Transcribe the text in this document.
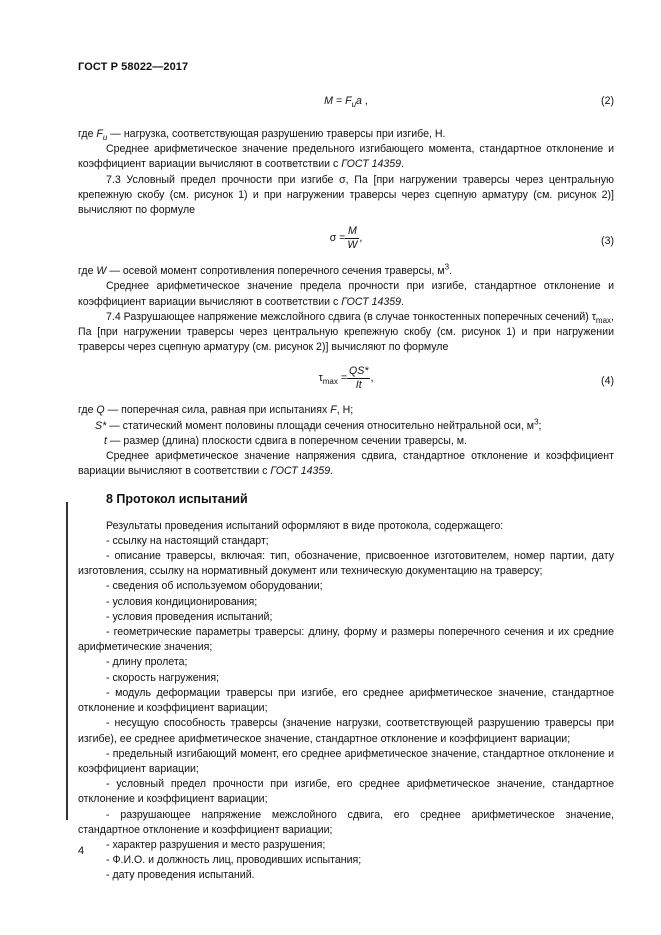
ГОСТ Р 58022—2017
$M = F_ua$ ,	(2)

где $F_u$ — нагрузка, соответствующая разрушению траверсы при изгибе, Н.

Среднее арифметическое значение предельного изгибающего момента, стандартное отклонение и коэффициент вариации вычисляют в соответствии с ГОСТ 14359.

7.3 Условный предел прочности при изгибе σ, Па [при нагружении траверсы через центральную крепежную скобу (см. рисунок 1) и при нагружении траверсы через сцепную арматуру (см. рисунок 2)] вычисляют по формуле

$\sigma = \frac{M}{W}$ ,	(3)

где W — осевой момент сопротивления поперечного сечения траверсы, $м^3$.

Среднее арифметическое значение предела прочности при изгибе, стандартное отклонение и коэффициент вариации вычисляют в соответствии с ГОСТ 14359.

7.4 Разрушающее напряжение межслойного сдвига (в случае тонкостенных поперечных сечений) $\tau_{max}$, Па [при нагружении траверсы через центральную крепежную скобу (см. рисунок 1) и при нагружении траверсы через сцепную арматуру (см. рисунок 2)] вычисляют по формуле

$\tau_{max} = \frac{QS*}{It}$ ,	(4)

где Q — поперечная сила, равная при испытаниях F, Н;

S* — статический момент половины площади сечения относительно нейтральной оси, $м^3$;

t — размер (длина) плоскости сдвига в поперечном сечении траверсы, м.

Среднее арифметическое значение напряжения сдвига, стандартное отклонение и коэффициент вариации вычисляют в соответствии с ГОСТ 14359.

8 Протокол испытаний

Результаты проведения испытаний оформляют в виде протокола, содержащего:

- ссылку на настоящий стандарт;

- описание траверсы, включая: тип, обозначение, присвоенное изготовителем, номер партии, дату изготовления, ссылку на нормативный документ или техническую документацию на траверсу;

- сведения об используемом оборудовании;

- условия кондиционирования;

- условия проведения испытаний;

- геометрические параметры траверсы: длину, форму и размеры поперечного сечения и их средние арифметические значения;

- длину пролета;

- скорость нагружения;

- модуль деформации траверсы при изгибе, его среднее арифметическое значение, стандартное отклонение и коэффициент вариации;

- несущую способность траверсы (значение нагрузки, соответствующей разрушению траверсы при изгибе), ее среднее арифметическое значение, стандартное отклонение и коэффициент вариации;

- предельный изгибающий момент, его среднее арифметическое значение, стандартное отклонение и коэффициент вариации;

- условный предел прочности при изгибе, его среднее арифметическое значение, стандартное отклонение и коэффициент вариации;

- разрушающее напряжение межслойного сдвига, его среднее арифметическое значение, стандартное отклонение и коэффициент вариации;

- характер разрушения и место разрушения;

- Ф.И.О. и должность лиц, проводивших испытания;

- дату проведения испытаний.

4
